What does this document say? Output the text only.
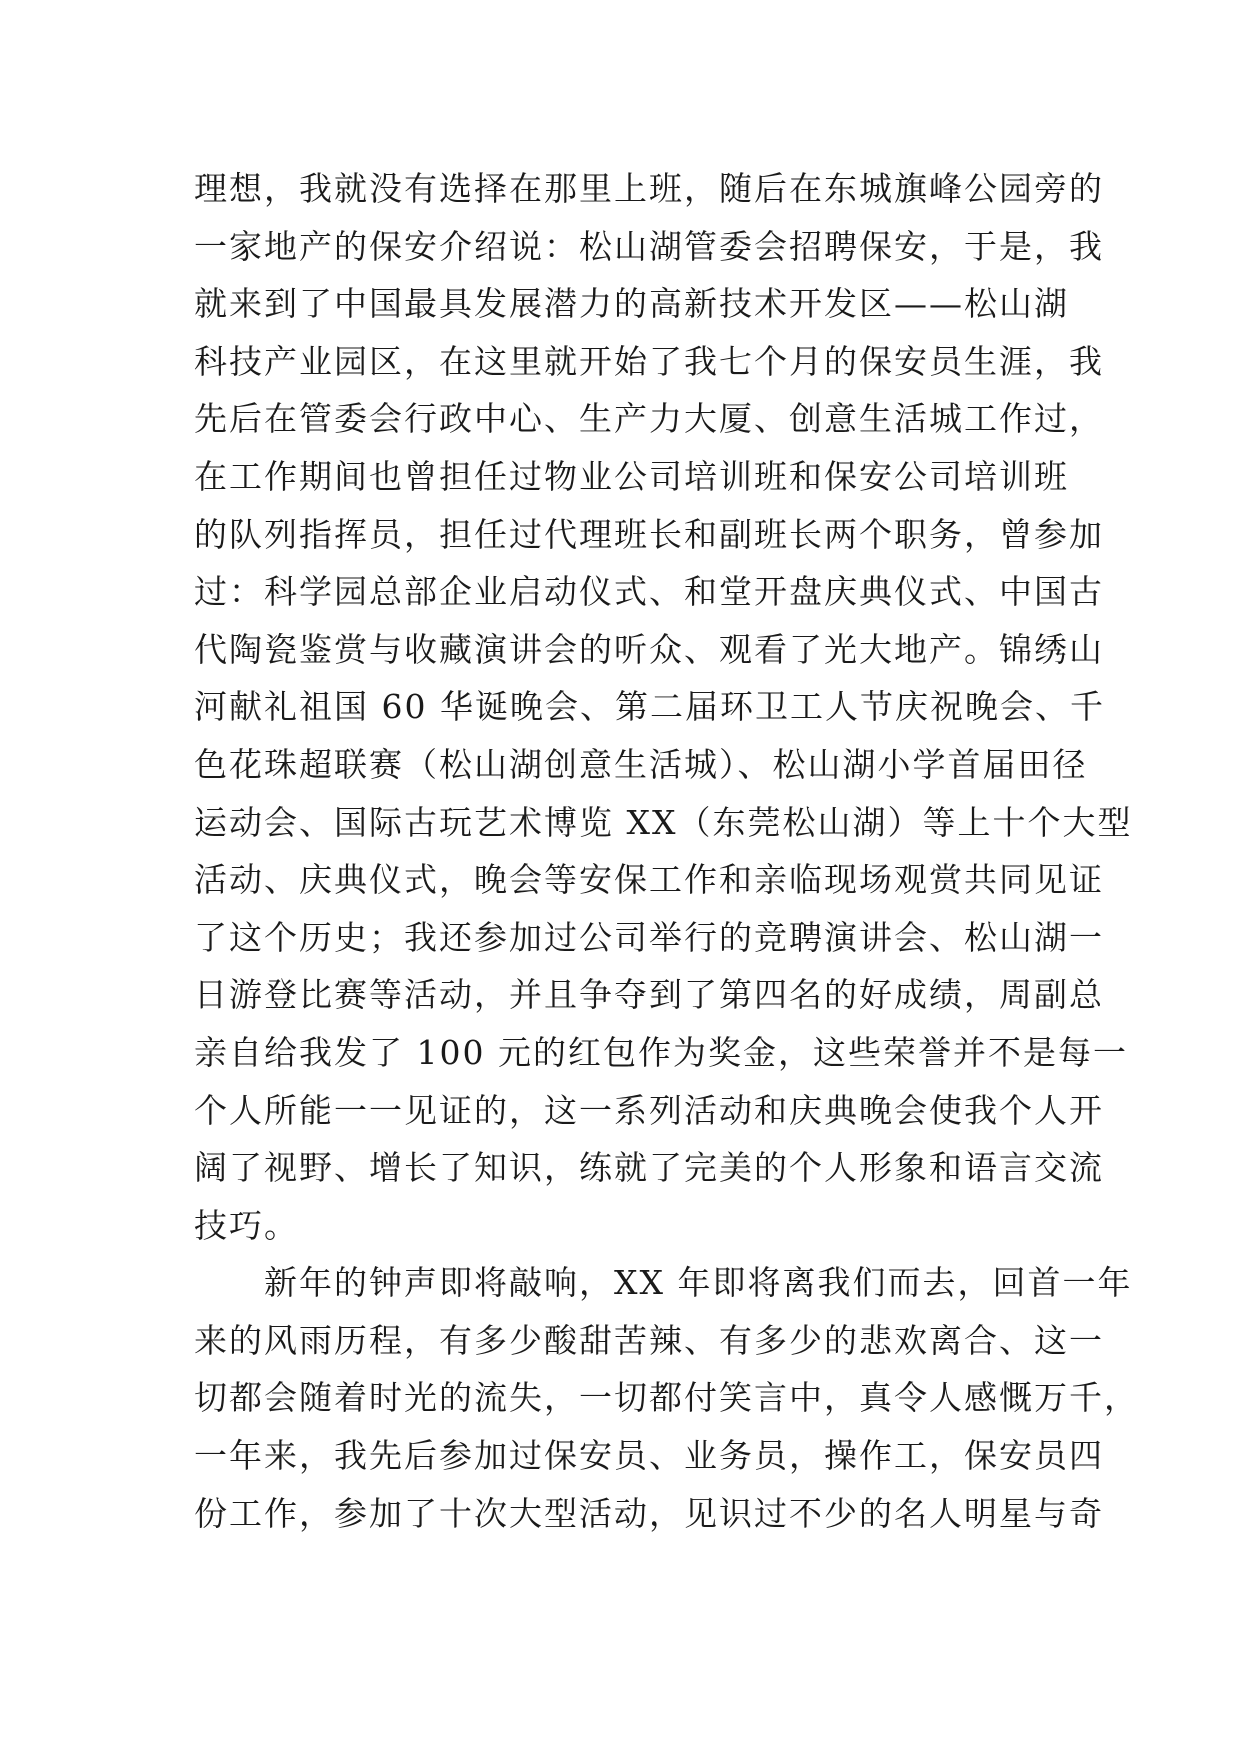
理想，我就没有选择在那里上班，随后在东城旗峰公园旁的
一家地产的保安介绍说：松山湖管委会招聘保安，于是，我
就来到了中国最具发展潜力的高新技术开发区——松山湖
科技产业园区，在这里就开始了我七个月的保安员生涯，我
先后在管委会行政中心、生产力大厦、创意生活城工作过，
在工作期间也曾担任过物业公司培训班和保安公司培训班
的队列指挥员，担任过代理班长和副班长两个职务，曾参加
过：科学园总部企业启动仪式、和堂开盘庆典仪式、中国古
代陶瓷鉴赏与收藏演讲会的听众、观看了光大地产。锦绣山
河献礼祖国 60 华诞晚会、第二届环卫工人节庆祝晚会、千
色花珠超联赛（松山湖创意生活城）、松山湖小学首届田径
运动会、国际古玩艺术博览 XX（东莞松山湖）等上十个大型
活动、庆典仪式，晚会等安保工作和亲临现场观赏共同见证
了这个历史；我还参加过公司举行的竞聘演讲会、松山湖一
日游登比赛等活动，并且争夺到了第四名的好成绩，周副总
亲自给我发了 100 元的红包作为奖金，这些荣誉并不是每一
个人所能一一见证的，这一系列活动和庆典晚会使我个人开
阔了视野、增长了知识，练就了完美的个人形象和语言交流
技巧。
　　新年的钟声即将敲响，XX 年即将离我们而去，回首一年
来的风雨历程，有多少酸甜苦辣、有多少的悲欢离合、这一
切都会随着时光的流失，一切都付笑言中，真令人感慨万千，
一年来，我先后参加过保安员、业务员，操作工，保安员四
份工作，参加了十次大型活动，见识过不少的名人明星与奇
